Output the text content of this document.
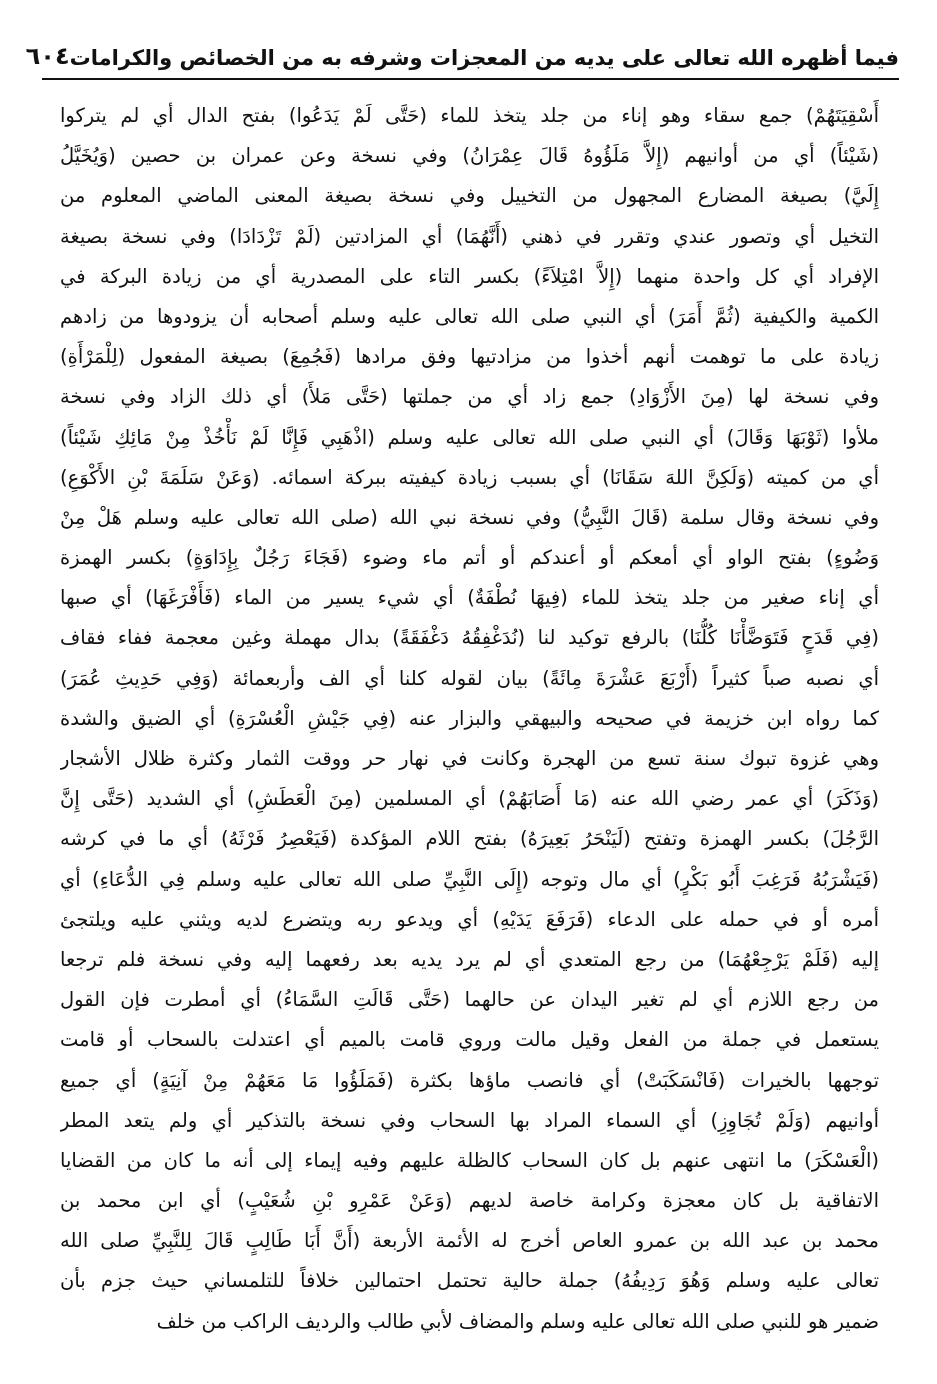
فيما أظهره الله تعالى على يديه من المعجزات وشرفه به من الخصائص والكرامات
٦٠٤
أَسْقِيَتَهُمْ) جمع سقاء وهو إناء من جلد يتخذ للماء (حَتَّى لَمْ يَدَعُوا) بفتح الدال أي لم يتركوا
(شَيْئاً) أي من أوانيهم (إِلاَّ مَلَؤُوهُ قَالَ عِمْرَانُ) وفي نسخة وعن عمران بن حصين (وَيُخَيَّلُ
إِلَيَّ) بصيغة المضارع المجهول من التخييل وفي نسخة بصيغة المعنى الماضي المعلوم من
التخيل أي وتصور عندي وتقرر في ذهني (أَنَّهُمَا) أي المزادتين (لَمْ تَزْدَادَا) وفي نسخة بصيغة
الإفراد أي كل واحدة منهما (إِلاَّ امْتِلاَءً) بكسر التاء على المصدرية أي من زيادة البركة في
الكمية والكيفية (ثُمَّ أَمَرَ) أي النبي صلى الله تعالى عليه وسلم أصحابه أن يزودوها من زادهم
زيادة على ما توهمت أنهم أخذوا من مزادتيها وفق مرادها (فَجُمِعَ) بصيغة المفعول (لِلْمَرْأَةِ)
وفي نسخة لها (مِنَ الأَزْوَادِ) جمع زاد أي من جملتها (حَتَّى مَلأَ) أي ذلك الزاد وفي نسخة
ملأوا (ثَوْبَهَا وَقَالَ) أي النبي صلى الله تعالى عليه وسلم (اذْهَبِي فَإِنَّا لَمْ نَأْخُذْ مِنْ مَائِكِ شَيْئاً)
أي من كميته (وَلَكِنَّ اللهَ سَقَانَا) أي بسبب زيادة كيفيته ببركة اسمائه. (وَعَنْ سَلَمَةَ بْنِ الأَكْوَعِ)
وفي نسخة وقال سلمة (قَالَ النَّبِيُّ) وفي نسخة نبي الله (صلى الله تعالى عليه وسلم هَلْ مِنْ
وَضُوءٍ) بفتح الواو أي أمعكم أو أعندكم أو أتم ماء وضوء (فَجَاءَ رَجُلٌ بِإِدَاوَةٍ) بكسر الهمزة
أي إناء صغير من جلد يتخذ للماء (فِيهَا نُطْفَةٌ) أي شيء يسير من الماء (فَأَفْرَغَهَا) أي صبها
(فِي قَدَحٍ فَتَوَضَّأْنَا كُلُّنَا) بالرفع توكيد لنا (نُدَغْفِقُهُ دَغْفَقَةً) بدال مهملة وغين معجمة ففاء فقاف
أي نصبه صباً كثيراً (أَرْبَعَ عَشْرَةَ مِائَةً) بيان لقوله كلنا أي الف وأربعمائة (وَفِي حَدِيثِ عُمَرَ)
كما رواه ابن خزيمة في صحيحه والبيهقي والبزار عنه (فِي جَيْشِ الْعُسْرَةِ) أي الضيق والشدة
وهي غزوة تبوك سنة تسع من الهجرة وكانت في نهار حر ووقت الثمار وكثرة ظلال الأشجار
(وَذَكَرَ) أي عمر رضي الله عنه (مَا أَصَابَهُمْ) أي المسلمين (مِنَ الْعَطَشِ) أي الشديد (حَتَّى إِنَّ
الرَّجُلَ) بكسر الهمزة وتفتح (لَيَنْحَرُ بَعِيرَهُ) بفتح اللام المؤكدة (فَيَعْصِرُ فَرْثَهُ) أي ما في كرشه
(فَيَشْرَبُهُ فَرَغِبَ أَبُو بَكْرٍ) أي مال وتوجه (إِلَى النَّبِيِّ صلى الله تعالى عليه وسلم فِي الدُّعَاءِ) أي
أمره أو في حمله على الدعاء (فَرَفَعَ يَدَيْهِ) أي ويدعو ربه ويتضرع لديه ويثني عليه ويلتجئ
إليه (فَلَمْ يَرْجِعْهُمَا) من رجع المتعدي أي لم يرد يديه بعد رفعهما إليه وفي نسخة فلم ترجعا
من رجع اللازم أي لم تغير اليدان عن حالهما (حَتَّى قَالَتِ السَّمَاءُ) أي أمطرت فإن القول
يستعمل في جملة من الفعل وقيل مالت وروي قامت بالميم أي اعتدلت بالسحاب أو قامت
توجهها بالخيرات (فَانْسَكَبَتْ) أي فانصب ماؤها بكثرة (فَمَلَؤُوا مَا مَعَهُمْ مِنْ آنِيَةٍ) أي جميع
أوانيهم (وَلَمْ تُجَاوِزِ) أي السماء المراد بها السحاب وفي نسخة بالتذكير أي ولم يتعد المطر
(الْعَسْكَرَ) ما انتهى عنهم بل كان السحاب كالظلة عليهم وفيه إيماء إلى أنه ما كان من القضايا
الاتفاقية بل كان معجزة وكرامة خاصة لديهم (وَعَنْ عَمْرِو بْنِ شُعَيْبٍ) أي ابن محمد بن
محمد بن عبد الله بن عمرو العاص أخرج له الأئمة الأربعة (أَنَّ أَبَا طَالِبٍ قَالَ لِلنَّبِيِّ صلى الله
تعالى عليه وسلم وَهُوَ رَدِيفُهُ) جملة حالية تحتمل احتمالين خلافاً للتلمساني حيث جزم بأن
ضمير هو للنبي صلى الله تعالى عليه وسلم والمضاف لأبي طالب والرديف الراكب من خلف
